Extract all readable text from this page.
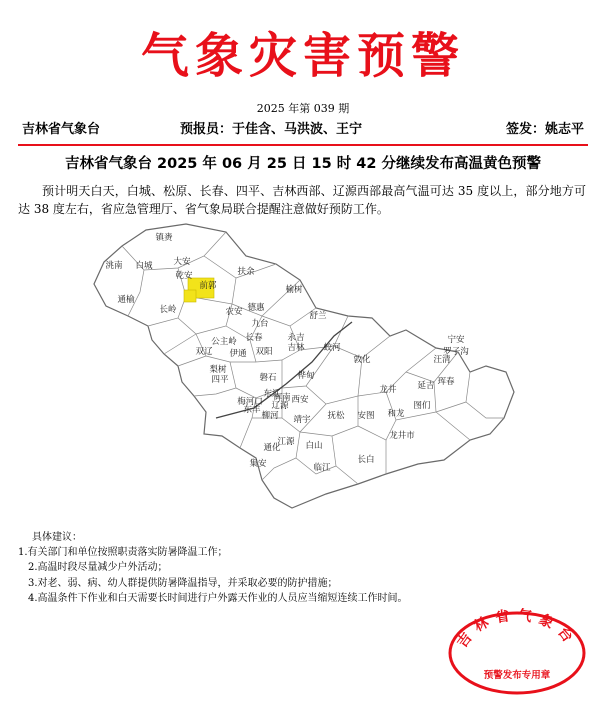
气象灾害预警
2025 年第 039 期
吉林省气象台	预报员：于佳含、马洪波、王宁	签发：姚志平
吉林省气象台 2025 年 06 月 25 日 15 时 42 分继续发布高温黄色预警
预计明天白天，白城、松原、长春、四平、吉林西部、辽源西部最高气温可达 35 度以上，部分地方可达 38 度左右，省应急管理厅、省气象局联合提醒注意做好预防工作。
镇赉
洮南 白城 大安
乾安
通榆
扶余
长岭
前郭	榆树
农安 德惠
舒兰
九台
长春
公主岭
双阳
永吉
吉林 蛟河
敦化
伊通
双辽
梨树
四平	磐石 桦甸
梅河口
柳河
辉南
东丰
东辽
辽源
西安
通化
集安
白山
临江
抚松
靖宇
江源
长白
和龙
安图
龙井 延吉
图们
珲春
汪清
罗子沟
宁安
龙井市
具体建议：
1.有关部门和单位按照职责落实防暑降温工作；
2.高温时段尽量减少户外活动；
3.对老、弱、病、幼人群提供防暑降温指导，并采取必要的防护措施；
4.高温条件下作业和白天需要长时间进行户外露天作业的人员应当缩短连续工作时间。
吉林省气象台
预警发布专用章
